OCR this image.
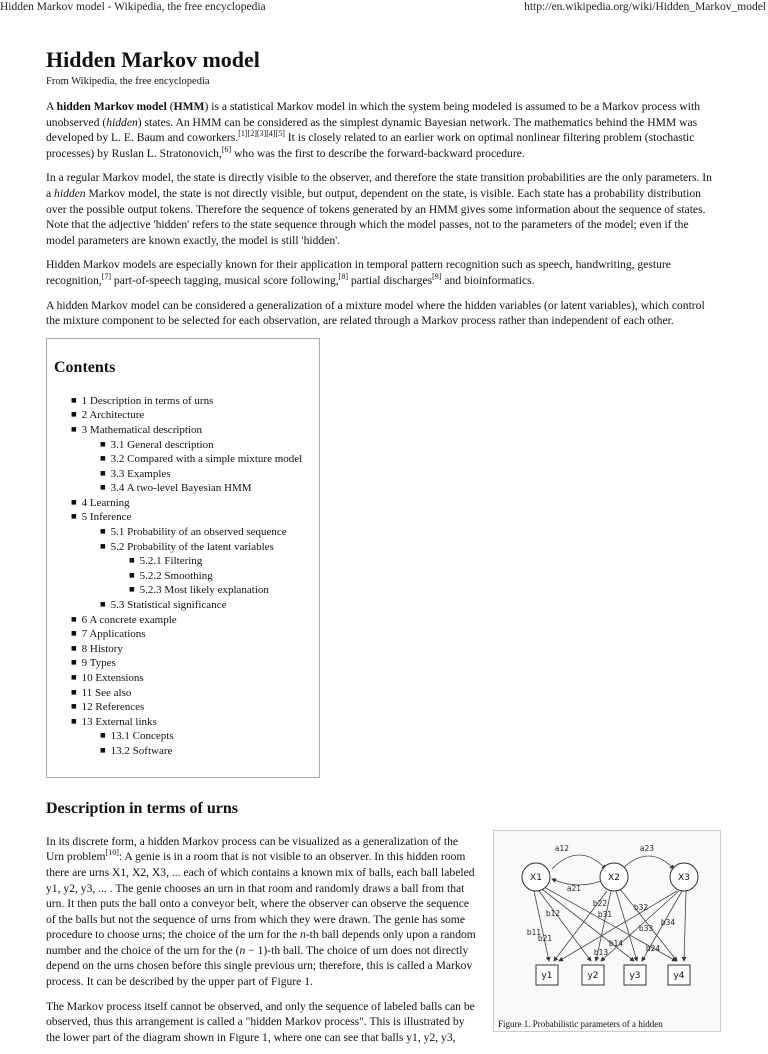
Hidden Markov model - Wikipedia, the free encyclopedia	http://en.wikipedia.org/wiki/Hidden_Markov_model
Hidden Markov model
From Wikipedia, the free encyclopedia

A hidden Markov model (HMM) is a statistical Markov model in which the system being modeled is assumed to be a Markov process with unobserved (hidden) states. An HMM can be considered as the simplest dynamic Bayesian network. The mathematics behind the HMM was developed by L. E. Baum and coworkers.[1][2][3][4][5] It is closely related to an earlier work on optimal nonlinear filtering problem (stochastic processes) by Ruslan L. Stratonovich,[6] who was the first to describe the forward-backward procedure.

In a regular Markov model, the state is directly visible to the observer, and therefore the state transition probabilities are the only parameters. In a hidden Markov model, the state is not directly visible, but output, dependent on the state, is visible. Each state has a probability distribution over the possible output tokens. Therefore the sequence of tokens generated by an HMM gives some information about the sequence of states. Note that the adjective 'hidden' refers to the state sequence through which the model passes, not to the parameters of the model; even if the model parameters are known exactly, the model is still 'hidden'.

Hidden Markov models are especially known for their application in temporal pattern recognition such as speech, handwriting, gesture recognition,[7] part-of-speech tagging, musical score following,[8] partial discharges[9] and bioinformatics.

A hidden Markov model can be considered a generalization of a mixture model where the hidden variables (or latent variables), which control the mixture component to be selected for each observation, are related through a Markov process rather than independent of each other.

Contents
■ 1 Description in terms of urns
■ 2 Architecture
■ 3 Mathematical description
■ 3.1 General description
■ 3.2 Compared with a simple mixture model
■ 3.3 Examples
■ 3.4 A two-level Bayesian HMM
■ 4 Learning
■ 5 Inference
■ 5.1 Probability of an observed sequence
■ 5.2 Probability of the latent variables
■ 5.2.1 Filtering
■ 5.2.2 Smoothing
■ 5.2.3 Most likely explanation
■ 5.3 Statistical significance
■ 6 A concrete example
■ 7 Applications
■ 8 History
■ 9 Types
■ 10 Extensions
■ 11 See also
■ 12 References
■ 13 External links
■ 13.1 Concepts
■ 13.2 Software
Description in terms of urns

In its discrete form, a hidden Markov process can be visualized as a generalization of the Urn problem[10]: A genie is in a room that is not visible to an observer. In this hidden room there are urns X1, X2, X3, ... each of which contains a known mix of balls, each ball labeled y1, y2, y3, ... . The genie chooses an urn in that room and randomly draws a ball from that urn. It then puts the ball onto a conveyor belt, where the observer can observe the sequence of the balls but not the sequence of urns from which they were drawn. The genie has some procedure to choose urns; the choice of the urn for the n-th ball depends only upon a random number and the choice of the urn for the (n − 1)-th ball. The choice of urn does not directly depend on the urns chosen before this single previous urn; therefore, this is called a Markov process. It can be described by the upper part of Figure 1.

The Markov process itself cannot be observed, and only the sequence of labeled balls can be observed, thus this arrangement is called a "hidden Markov process". This is illustrated by the lower part of the diagram shown in Figure 1, where one can see that balls y1, y2, y3,

X1	X2	X3
y1	y2	y3	y4
a12
a21
a23
b11
b12
b21
b22
b31
b32
b33
b34
b13
b14
b24
Figure 1. Probabilistic parameters of a hidden
